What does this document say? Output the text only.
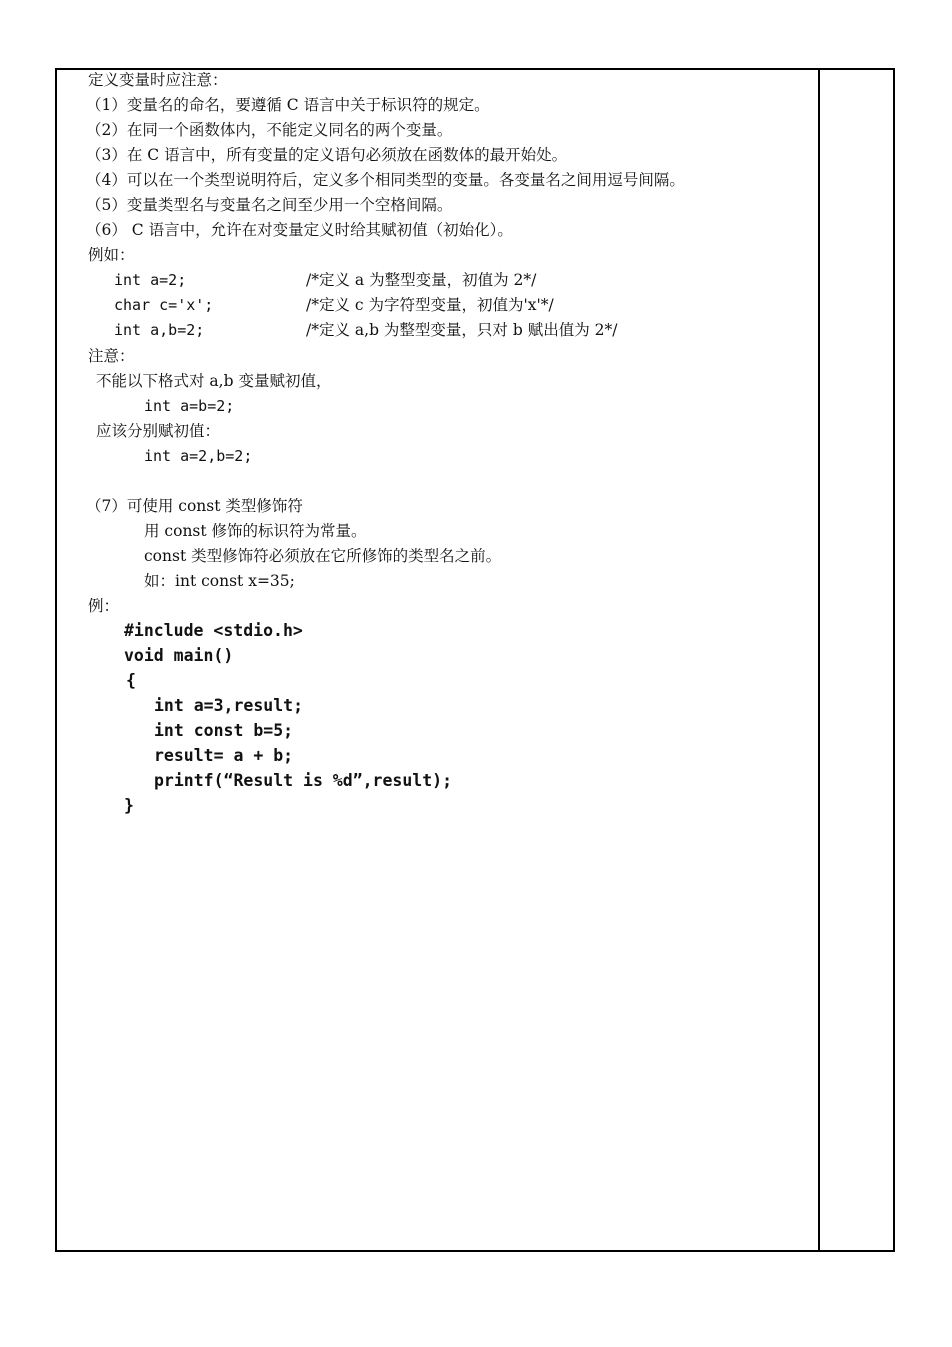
定义变量时应注意：
（1）变量名的命名，要遵循 C 语言中关于标识符的规定。
（2）在同一个函数体内，不能定义同名的两个变量。
（3）在 C 语言中，所有变量的定义语句必须放在函数体的最开始处。
（4）可以在一个类型说明符后，定义多个相同类型的变量。各变量名之间用逗号间隔。
（5）变量类型名与变量名之间至少用一个空格间隔。
（6） C 语言中，允许在对变量定义时给其赋初值（初始化）。
例如：
int a=2;	/*定义 a 为整型变量，初值为 2*/
char c='x';	/*定义 c 为字符型变量，初值为'x'*/
int a,b=2;	/*定义 a,b 为整型变量，只对 b 赋出值为 2*/
注意：
不能以下格式对 a,b 变量赋初值，
int a=b=2;
应该分别赋初值：
int a=2,b=2;
（7）可使用 const 类型修饰符
用 const 修饰的标识符为常量。
const 类型修饰符必须放在它所修饰的类型名之前。
如：int const x=35;
例：
#include <stdio.h>
void main()
{
int a=3,result;
int const b=5;
result= a + b;
printf(“Result is %d”,result);
}
